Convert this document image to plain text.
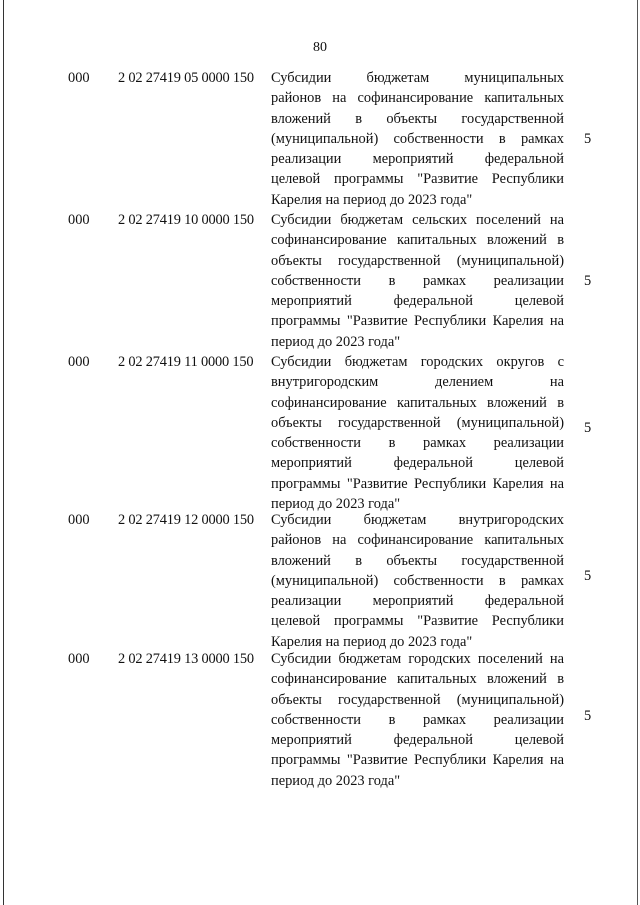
80
000	2 02 27419 05 0000 150	Субсидии бюджетам муниципальных
районов на софинансирование капитальных
вложений в объекты государственной
(муниципальной) собственности в рамках
реализации мероприятий федеральной
целевой программы "Развитие Республики
Карелия на период до 2023 года"
5
000	2 02 27419 10 0000 150	Субсидии бюджетам сельских поселений на
софинансирование капитальных вложений в
объекты государственной (муниципальной)
собственности в рамках реализации
мероприятий федеральной целевой
программы "Развитие Республики Карелия на
период до 2023 года"
5
000	2 02 27419 11 0000 150	Субсидии бюджетам городских округов с
внутригородским делением на
софинансирование капитальных вложений в
объекты государственной (муниципальной)
собственности в рамках реализации
мероприятий федеральной целевой
программы "Развитие Республики Карелия на
период до 2023 года"
5
000	2 02 27419 12 0000 150	Субсидии бюджетам внутригородских
районов на софинансирование капитальных
вложений в объекты государственной
(муниципальной) собственности в рамках
реализации мероприятий федеральной
целевой программы "Развитие Республики
Карелия на период до 2023 года"
5
000	2 02 27419 13 0000 150	Субсидии бюджетам городских поселений на
софинансирование капитальных вложений в
объекты государственной (муниципальной)
собственности в рамках реализации
мероприятий федеральной целевой
программы "Развитие Республики Карелия на
период до 2023 года"
5
